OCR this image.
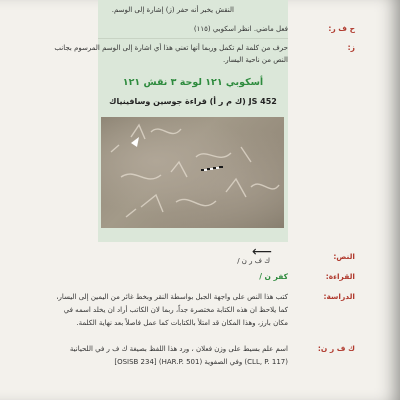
النقش يخبر أنه حفر (ز) إشارة إلى الوسم.
ح ف ر:
فعل ماضي. انظر اسكوبي (١١٥)
ز:
حرف من كلمة لم تكمل وربما أنها تعني هذا أي اشارة إلى الوسم المرسوم بجانب
النص من ناحية اليسار.
أسكوبي ١٢١ لوحة ٣ نقش ١٢١
JS 452 (ك م ر أ) قراءة جوسين وسافينياك
⟵
ك ف ر ن /	النص:
القراءة:
كفر ن /
الدراسة:
كتب هذا النص على واجهة الجبل بواسطة النقر وبخط غائر من اليمين إلى اليسار،
كما يلاحظ ان هذه الكتابة مختصرة جداً، ربما لان الكاتب أراد ان يخلد اسمه في
مكان بارز، وهذا المكان قد امتلأ بالكتابات كما عمل فاصلاً بعد نهاية الكلمة.
ك ف ر ن:
اسم علم بسيط على وزن فعلان ، ورد هذا اللفظ بصيغة ك ف ر في اللحيانية
(CLL, P. 117) وفي الصفوية (HAR.P. 501) [OSISB 234]
